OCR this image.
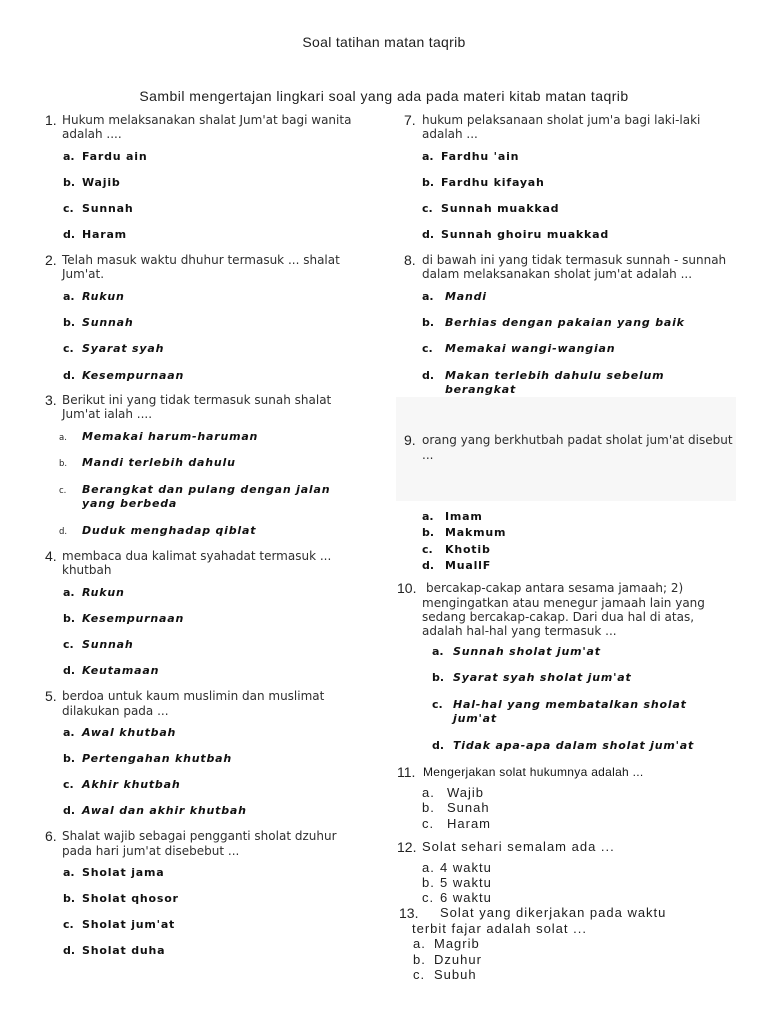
Soal tatihan matan taqrib
Sambil mengertajan lingkari soal yang ada pada materi kitab matan taqrib
1. Hukum melaksanakan shalat Jum'at bagi wanita
adalah ....
a. Fardu ain
b. Wajib
c. Sunnah
d. Haram
2. Telah masuk waktu dhuhur termasuk ... shalat
Jum'at.
a. Rukun
b. Sunnah
c. Syarat syah
d. Kesempurnaan
3. Berikut ini yang tidak termasuk sunah shalat
Jum'at ialah ....
a. Memakai harum-haruman
b. Mandi terlebih dahulu
c. Berangkat dan pulang dengan jalan
yang berbeda
d. Duduk menghadap qiblat
4. membaca dua kalimat syahadat termasuk ...
khutbah
a. Rukun
b. Kesempurnaan
c. Sunnah
d. Keutamaan
5. berdoa untuk kaum muslimin dan muslimat
dilakukan pada ...
a. Awal khutbah
b. Pertengahan khutbah
c. Akhir khutbah
d. Awal dan akhir khutbah
6. Shalat wajib sebagai pengganti sholat dzuhur
pada hari jum'at disebebut ...
a. Sholat jama
b. Sholat qhosor
c. Sholat jum'at
d. Sholat duha
7. hukum pelaksanaan sholat jum'a bagi laki-laki
adalah ...
a. Fardhu 'ain
b. Fardhu kifayah
c. Sunnah muakkad
d. Sunnah ghoiru muakkad
8. di bawah ini yang tidak termasuk sunnah - sunnah
dalam melaksanakan sholat jum'at adalah ...
a. Mandi
b. Berhias dengan pakaian yang baik
c. Memakai wangi-wangian
d. Makan terlebih dahulu sebelum
berangkat
9. orang yang berkhutbah padat sholat jum'at disebut
...
a. Imam
b. Makmum
c. Khotib
d. MuallF
10. bercakap-cakap antara sesama jamaah; 2)
mengingatkan atau menegur jamaah lain yang
sedang bercakap-cakap. Dari dua hal di atas,
adalah hal-hal yang termasuk ...
a. Sunnah sholat jum'at
b. Syarat syah sholat jum'at
c. Hal-hal yang membatalkan sholat
jum'at
d. Tidak apa-apa dalam sholat jum'at
11. Mengerjakan solat hukumnya adalah ...
a. Wajib
b. Sunah
c. Haram
12. Solat sehari semalam ada ...
a. 4 waktu
b. 5 waktu
c. 6 waktu
13. Solat yang dikerjakan pada waktu
terbit fajar adalah solat ...
a. Magrib
b. Dzuhur
c. Subuh
